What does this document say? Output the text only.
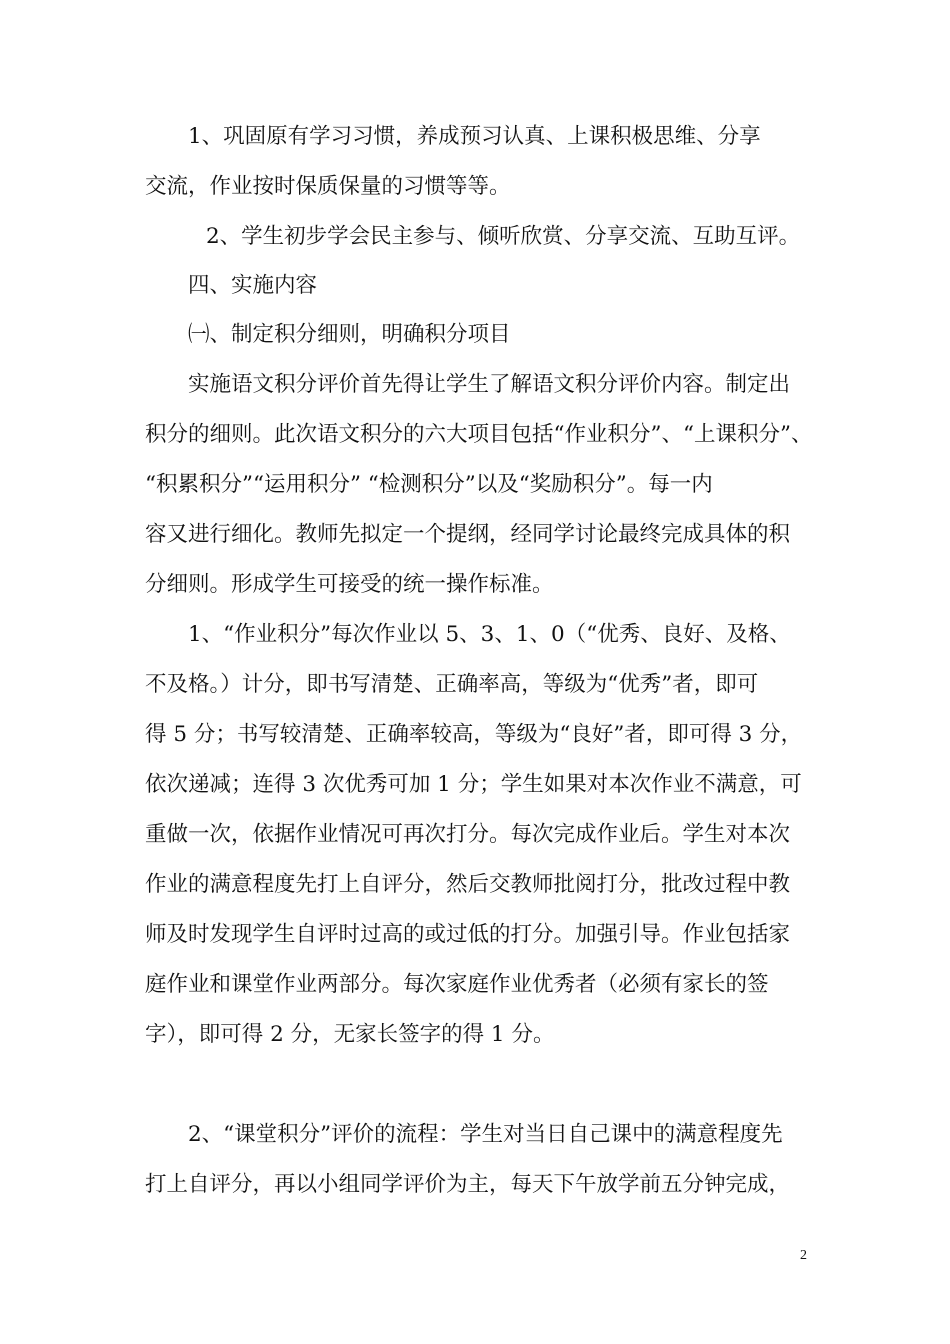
1、巩固原有学习习惯，养成预习认真、上课积极思维、分享
交流，作业按时保质保量的习惯等等。
2、学生初步学会民主参与、倾听欣赏、分享交流、互助互评。
四、实施内容
㈠、制定积分细则，明确积分项目
实施语文积分评价首先得让学生了解语文积分评价内容。制定出
积分的细则。此次语文积分的六大项目包括“作业积分”、“上课积分”、
“积累积分”“运用积分” “检测积分”以及“奖励积分”。每一内
容又进行细化。教师先拟定一个提纲，经同学讨论最终完成具体的积
分细则。形成学生可接受的统一操作标准。
1、“作业积分”每次作业以 5、3、1、0（“优秀、良好、及格、
不及格。）计分，即书写清楚、正确率高，等级为“优秀”者，即可
得 5 分；书写较清楚、正确率较高，等级为“良好”者，即可得 3 分，
依次递减；连得 3 次优秀可加 1 分；学生如果对本次作业不满意，可
重做一次，依据作业情况可再次打分。每次完成作业后。学生对本次
作业的满意程度先打上自评分，然后交教师批阅打分，批改过程中教
师及时发现学生自评时过高的或过低的打分。加强引导。作业包括家
庭作业和课堂作业两部分。每次家庭作业优秀者（必须有家长的签
字），即可得 2 分，无家长签字的得 1 分。
2、“课堂积分”评价的流程：学生对当日自己课中的满意程度先
打上自评分，再以小组同学评价为主，每天下午放学前五分钟完成，
2
